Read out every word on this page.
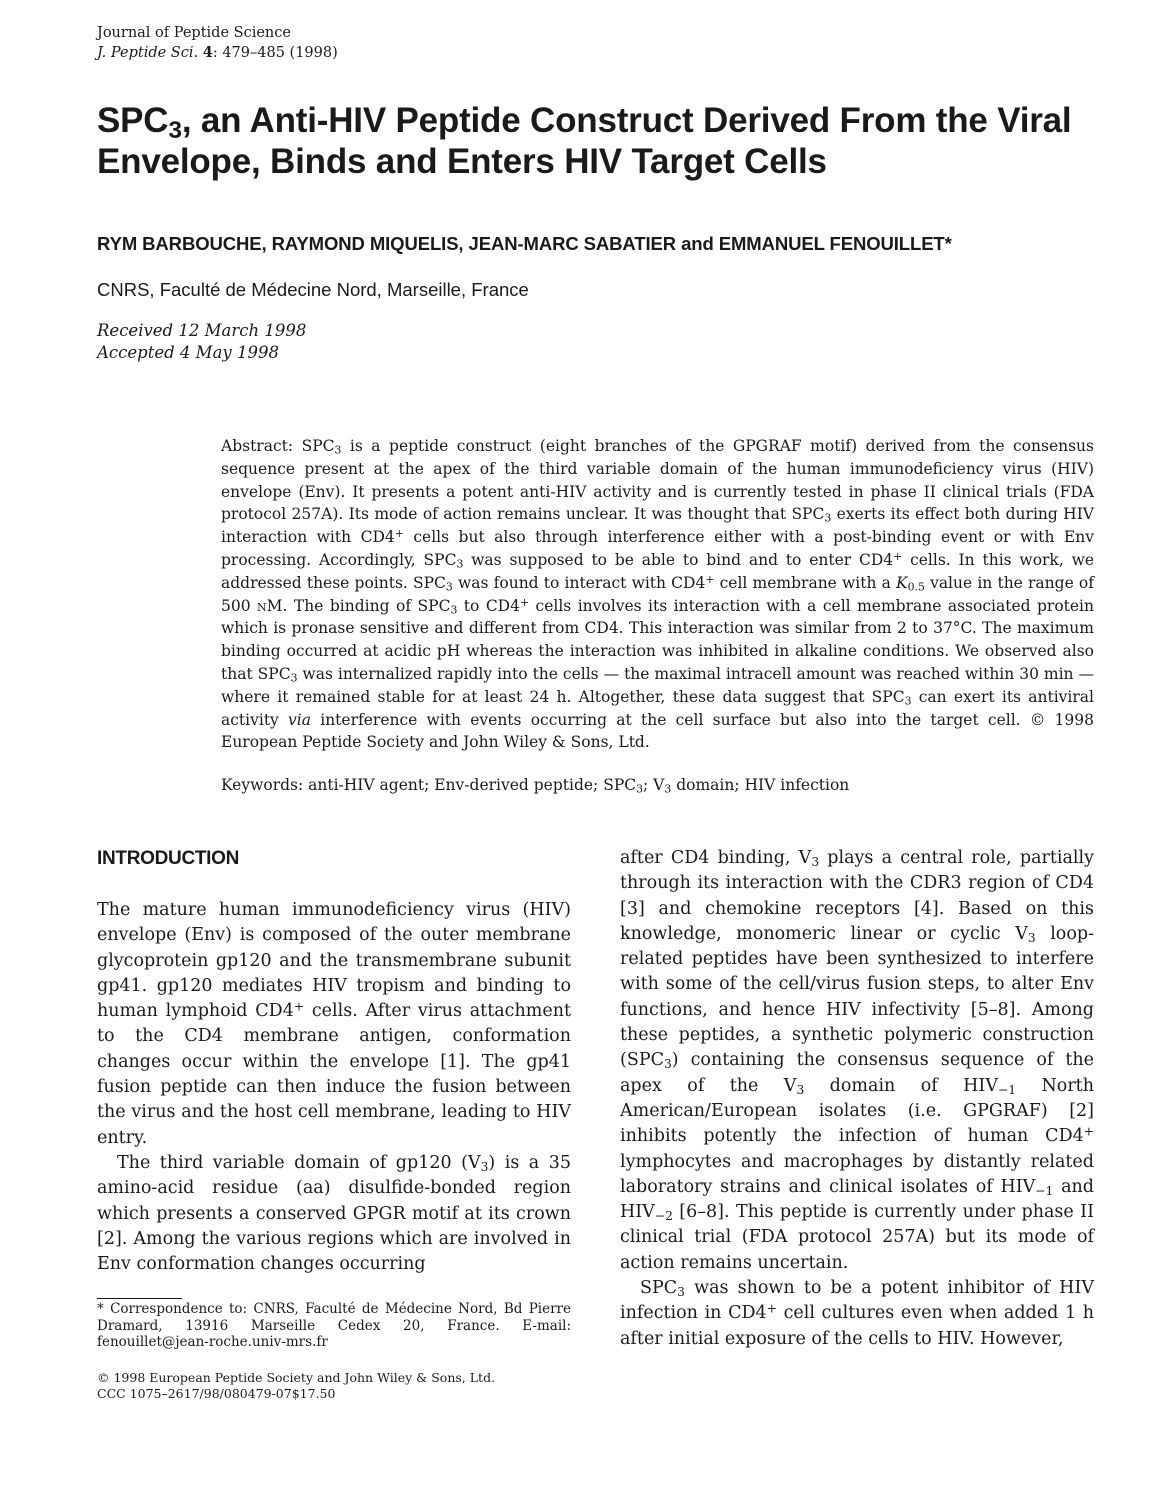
Journal of Peptide Science
J. Peptide Sci. 4: 479–485 (1998)
$SPC_3$, an Anti-HIV Peptide Construct Derived From the Viral
Envelope, Binds and Enters HIV Target Cells
RYM BARBOUCHE, RAYMOND MIQUELIS, JEAN-MARC SABATIER and EMMANUEL FENOUILLET*
CNRS, Faculté de Médecine Nord, Marseille, France
Received 12 March 1998
Accepted 4 May 1998
Abstract: $SPC_3$ is a peptide construct (eight branches of the GPGRAF motif) derived from the consensus sequence present at the apex of the third variable domain of the human immunodeficiency virus (HIV) envelope (Env). It presents a potent anti-HIV activity and is currently tested in phase II clinical trials (FDA protocol 257A). Its mode of action remains unclear. It was thought that $SPC_3$ exerts its effect both during HIV interaction with CD4+ cells but also through interference either with a post-binding event or with Env processing. Accordingly, $SPC_3$ was supposed to be able to bind and to enter CD4+ cells. In this work, we addressed these points. $SPC_3$ was found to interact with CD4+ cell membrane with a $K_{0.5}$ value in the range of 500 nM. The binding of $SPC_3$ to CD4+ cells involves its interaction with a cell membrane associated protein which is pronase sensitive and different from CD4. This interaction was similar from 2 to 37°C. The maximum binding occurred at acidic pH whereas the interaction was inhibited in alkaline conditions. We observed also that $SPC_3$ was internalized rapidly into the cells — the maximal intracell amount was reached within 30 min — where it remained stable for at least 24 h. Altogether, these data suggest that $SPC_3$ can exert its antiviral activity via interference with events occurring at the cell surface but also into the target cell. © 1998 European Peptide Society and John Wiley & Sons, Ltd.
Keywords: anti-HIV agent; Env-derived peptide; $SPC_3$; $V_3$ domain; HIV infection
INTRODUCTION

The mature human immunodeficiency virus (HIV) envelope (Env) is composed of the outer membrane glycoprotein gp120 and the transmembrane subunit gp41. gp120 mediates HIV tropism and binding to human lymphoid CD4+ cells. After virus attachment to the CD4 membrane antigen, conformation changes occur within the envelope [1]. The gp41 fusion peptide can then induce the fusion between the virus and the host cell membrane, leading to HIV entry.

The third variable domain of gp120 $(V_3)$ is a 35 amino-acid residue (aa) disulfide-bonded region which presents a conserved GPGR motif at its crown [2]. Among the various regions which are involved in Env conformation changes occurring

after CD4 binding, $V_3$ plays a central role, partially through its interaction with the CDR3 region of CD4 [3] and chemokine receptors [4]. Based on this knowledge, monomeric linear or cyclic $V_3$ loop-related peptides have been synthesized to interfere with some of the cell/virus fusion steps, to alter Env functions, and hence HIV infectivity [5–8]. Among these peptides, a synthetic polymeric construction $(SPC_3)$ containing the consensus sequence of the apex of the $V_3$ domain of $HIV_{-1}$ North American/European isolates (i.e. GPGRAF) [2] inhibits potently the infection of human CD4+ lymphocytes and macrophages by distantly related laboratory strains and clinical isolates of $HIV_{-1}$ and $HIV_{-2}$ [6–8]. This peptide is currently under phase II clinical trial (FDA protocol 257A) but its mode of action remains uncertain.

$SPC_3$ was shown to be a potent inhibitor of HIV infection in CD4+ cell cultures even when added 1 h after initial exposure of the cells to HIV. However,

* Correspondence to: CNRS, Faculté de Médecine Nord, Bd Pierre Dramard, 13916 Marseille Cedex 20, France. E-mail: fenouillet@jean-roche.univ-mrs.fr
© 1998 European Peptide Society and John Wiley & Sons, Ltd.
CCC 1075–2617/98/080479-07$17.50
